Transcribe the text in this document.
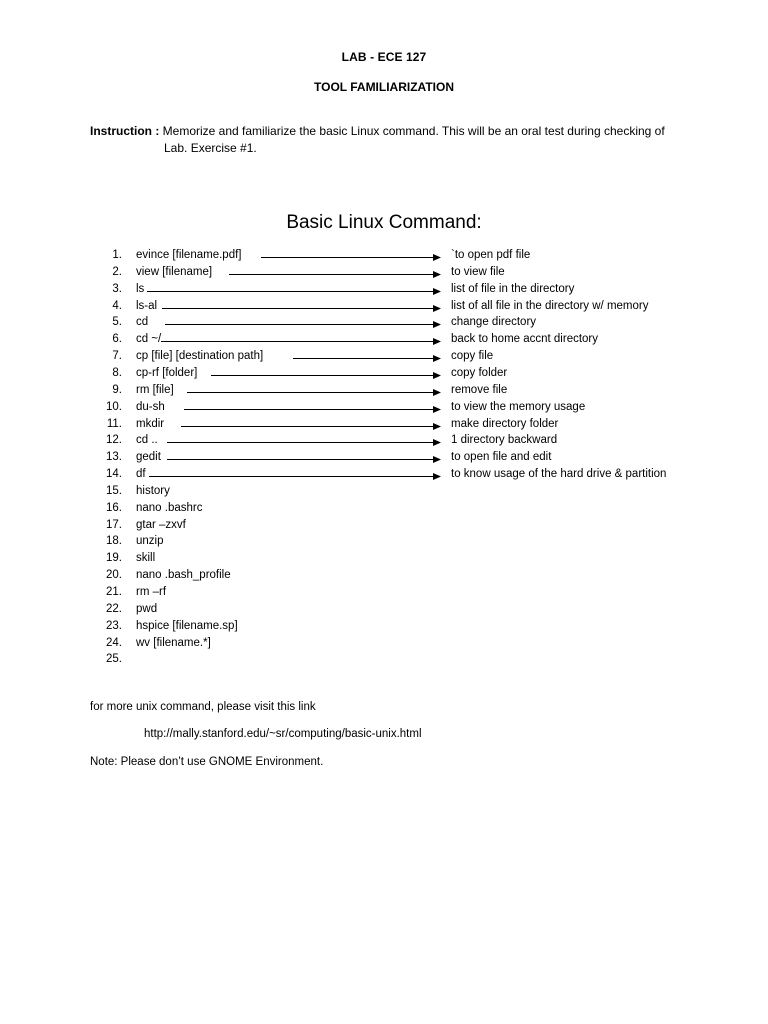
LAB - ECE 127
TOOL FAMILIARIZATION
Instruction : Memorize and familiarize the basic Linux command. This will be an oral test during checking of
Lab. Exercise #1.
Basic Linux Command:
1. evince [filename.pdf]	`to open pdf file
2. view [filename]	to view file
3. ls	list of file in the directory
4. ls-al	list of all file in the directory w/ memory
5. cd	change directory
6. cd ~/	back to home accnt directory
7. cp [file] [destination path]	copy file
8. cp-rf [folder]	copy folder
9. rm [file]	remove file
10. du-sh	to view the memory usage
11. mkdir	make directory folder
12. cd ..	1 directory backward
13. gedit	to open file and edit
14. df	to know usage of the hard drive & partition
15. history
16. nano .bashrc
17. gtar –zxvf
18. unzip
19. skill
20. nano .bash_profile
21. rm –rf
22. pwd
23. hspice [filename.sp]
24. wv [filename.*]
25.
for more unix command, please visit this link
http://mally.stanford.edu/~sr/computing/basic-unix.html
Note: Please don’t use GNOME Environment.
